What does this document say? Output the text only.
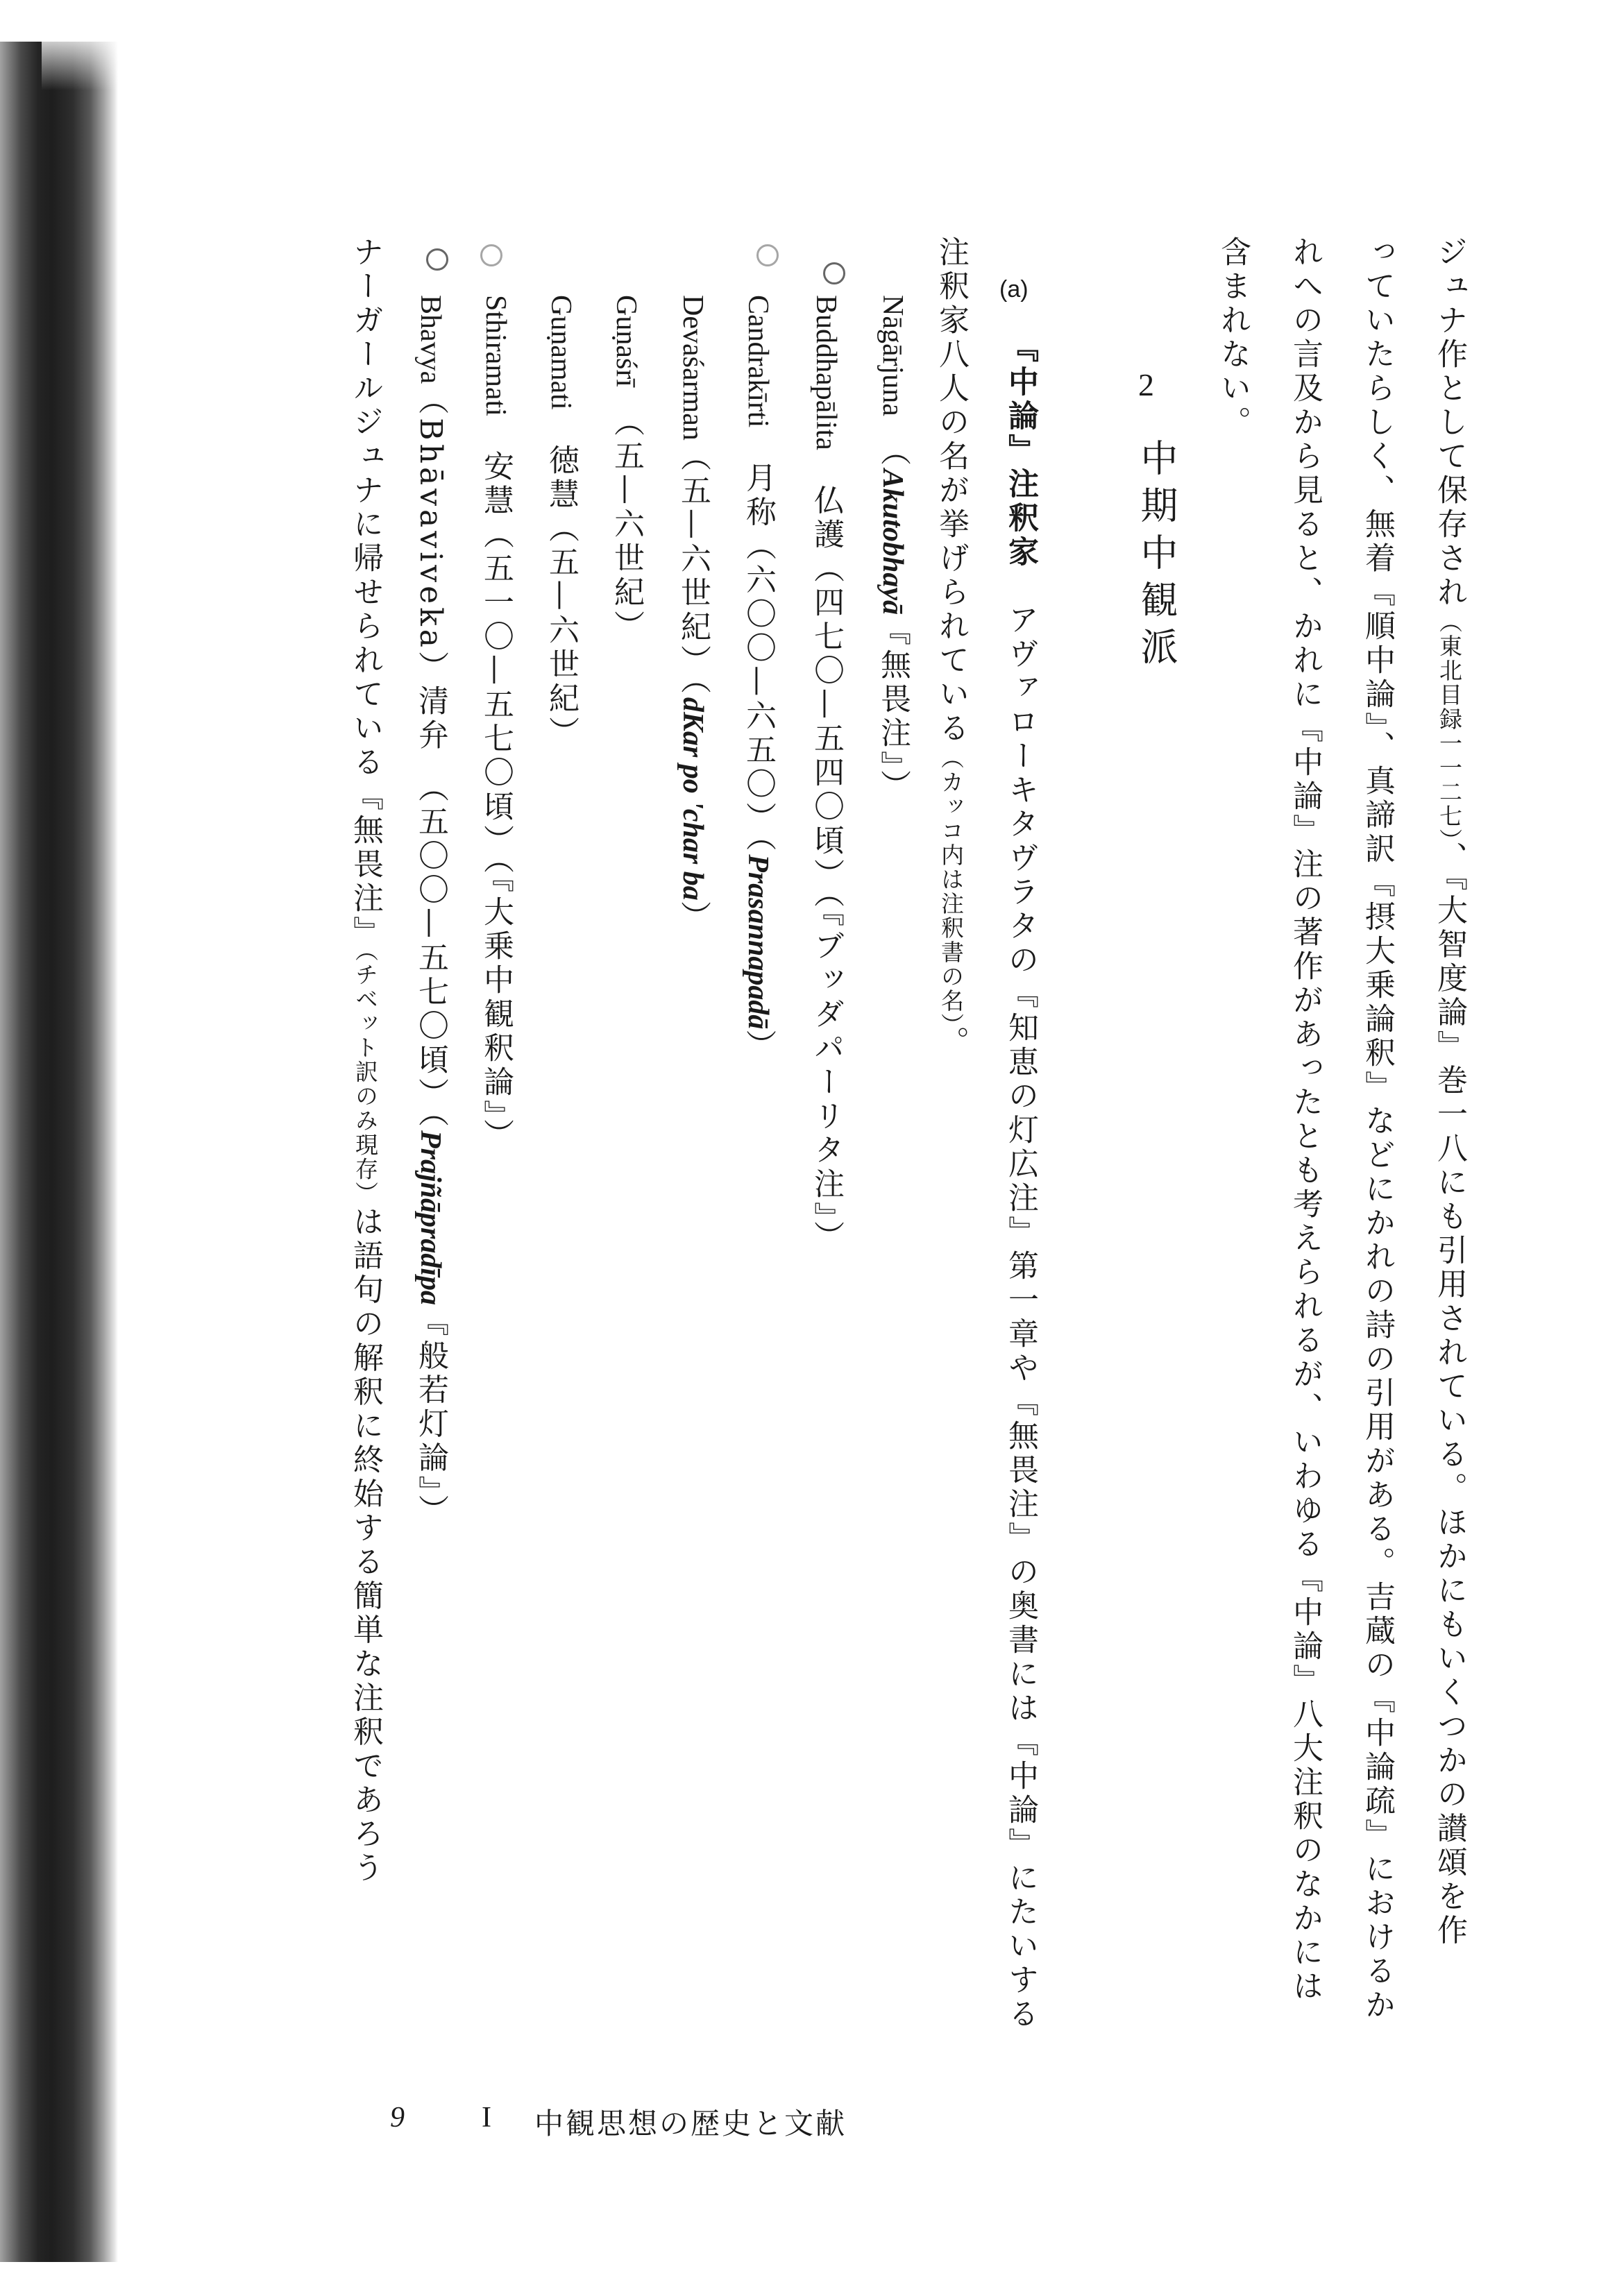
ジュナ作として保存され（東北目録一一二七）、『大智度論』巻一八にも引用されている。ほかにもいくつかの讃頌を作
っていたらしく、無着『順中論』、真諦訳『摂大乗論釈』などにかれの詩の引用がある。吉蔵の『中論疏』におけるか
れへの言及から見ると、かれに『中論』注の著作があったとも考えられるが、いわゆる『中論』八大注釈のなかには
含まれない。
2
中期中観派
(a)
『中論』注釈家　アヴァローキタヴラタの『知恵の灯広注』第一章や『無畏注』の奥書には『中論』にたいする
注釈家八人の名が挙げられている（カッコ内は注釈書の名）。
Nāgārjuna　（Akutobhayā『無畏注』）
Buddhapālita　仏護（四七〇—五四〇頃）（『ブッダパーリタ注』）
Candrakīrti　月称（六〇〇—六五〇）（Prasannapadā）
Devaśarman（五—六世紀）（dKar po 'char ba）
Guṇaśrī　（五—六世紀）
Guṇamati　徳慧（五—六世紀）
Sthiramati　安慧（五一〇—五七〇頃）（『大乗中観釈論』）
Bhavya（Bhāvaviveka）清弁　（五〇〇—五七〇頃）（Prajñāpradīpa『般若灯論』）
ナーガールジュナに帰せられている『無畏注』（チベット訳のみ現存）は語句の解釈に終始する簡単な注釈であろう
9	I 中観思想の歴史と文献
